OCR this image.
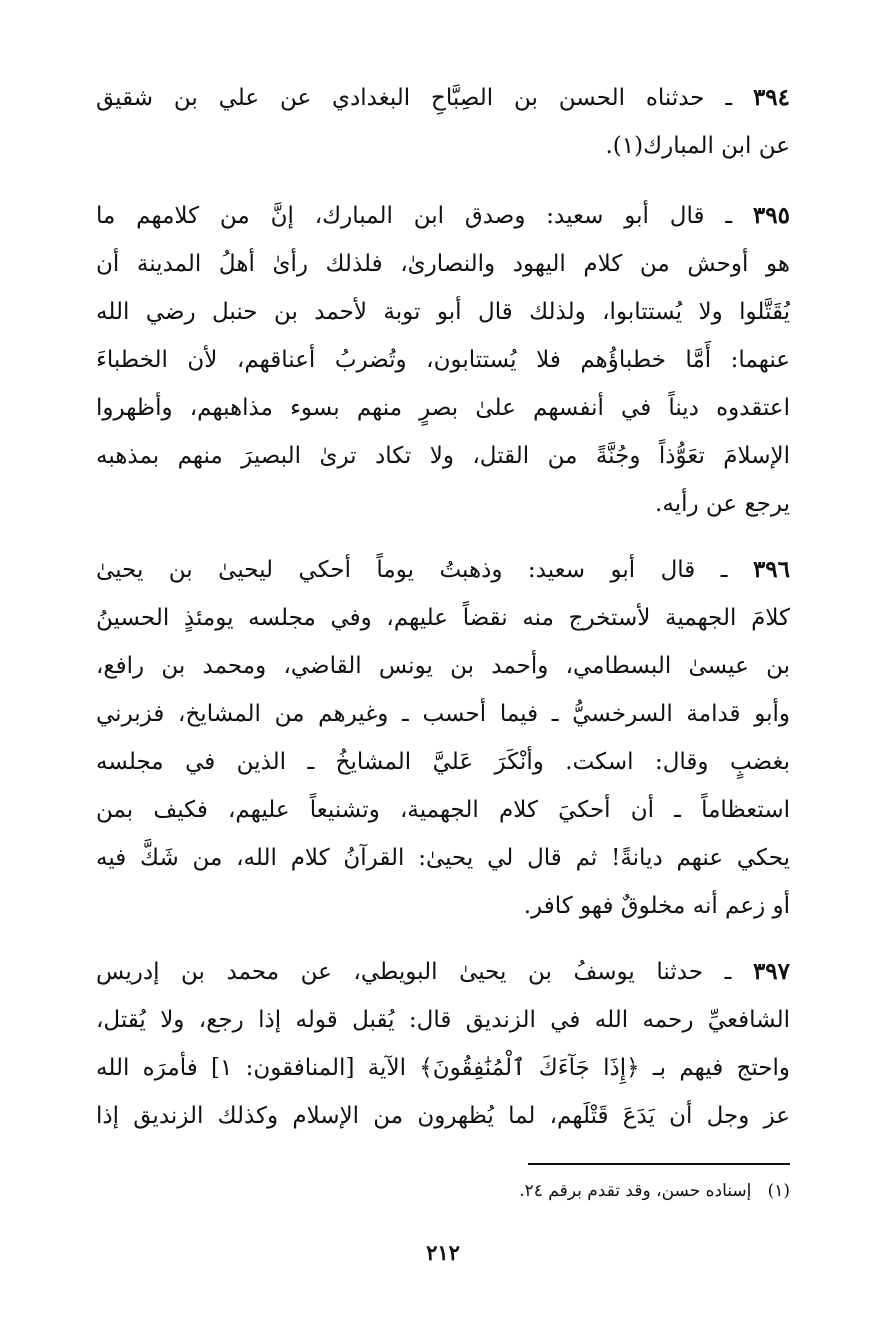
٣٩٤ ـ حدثناه الحسن بن الصِبَّاحِ البغدادي عن علي بن شقيق
عن ابن المبارك(١).
٣٩٥ ـ قال أبو سعيد: وصدق ابن المبارك، إنَّ من كلامهم ما
هو أوحش من كلام اليهود والنصارىٰ، فلذلك رأىٰ أهلُ المدينة أن
يُقَتَّلوا ولا يُستتابوا، ولذلك قال أبو توبة لأحمد بن حنبل رضي الله
عنهما: أَمَّا خطباؤُهم فلا يُستتابون، وتُضربُ أعناقهم، لأن الخطباءَ
اعتقدوه ديناً في أنفسهم علىٰ بصرٍ منهم بسوء مذاهبهم، وأظهروا
الإسلامَ تعَوُّذاً وجُنَّةً من القتل، ولا تكاد ترىٰ البصيرَ منهم بمذهبه
يرجع عن رأيه.
٣٩٦ ـ قال أبو سعيد: وذهبتُ يوماً أحكي ليحيىٰ بن يحيىٰ
كلامَ الجهمية لأستخرج منه نقضاً عليهم، وفي مجلسه يومئذٍ الحسينُ
بن عيسىٰ البسطامي، وأحمد بن يونس القاضي، ومحمد بن رافع،
وأبو قدامة السرخسيُّ ـ فيما أحسب ـ وغيرهم من المشايخ، فزبرني
بغضبٍ وقال: اسكت. وأنْكَرَ عَليَّ المشايخُ ـ الذين في مجلسه
استعظاماً ـ أن أحكيَ كلام الجهمية، وتشنيعاً عليهم، فكيف بمن
يحكي عنهم ديانةً! ثم قال لي يحيىٰ: القرآنُ كلام الله، من شَكَّ فيه
أو زعم أنه مخلوقٌ فهو كافر.
٣٩٧ ـ حدثنا يوسفُ بن يحيىٰ البويطي، عن محمد بن إدريس
الشافعيِّ رحمه الله في الزنديق قال: يُقبل قوله إذا رجع، ولا يُقتل،
واحتج فيهم بـ ﴿إِذَا جَآءَكَ ٱلْمُنَٰفِقُونَ﴾ الآية [المنافقون: ١] فأمرَه الله
عز وجل أن يَدَعَ قَتْلَهم، لما يُظهرون من الإسلام وكذلك الزنديق إذا
(١)   إسناده حسن، وقد تقدم برقم ٢٤.
٢١٢
